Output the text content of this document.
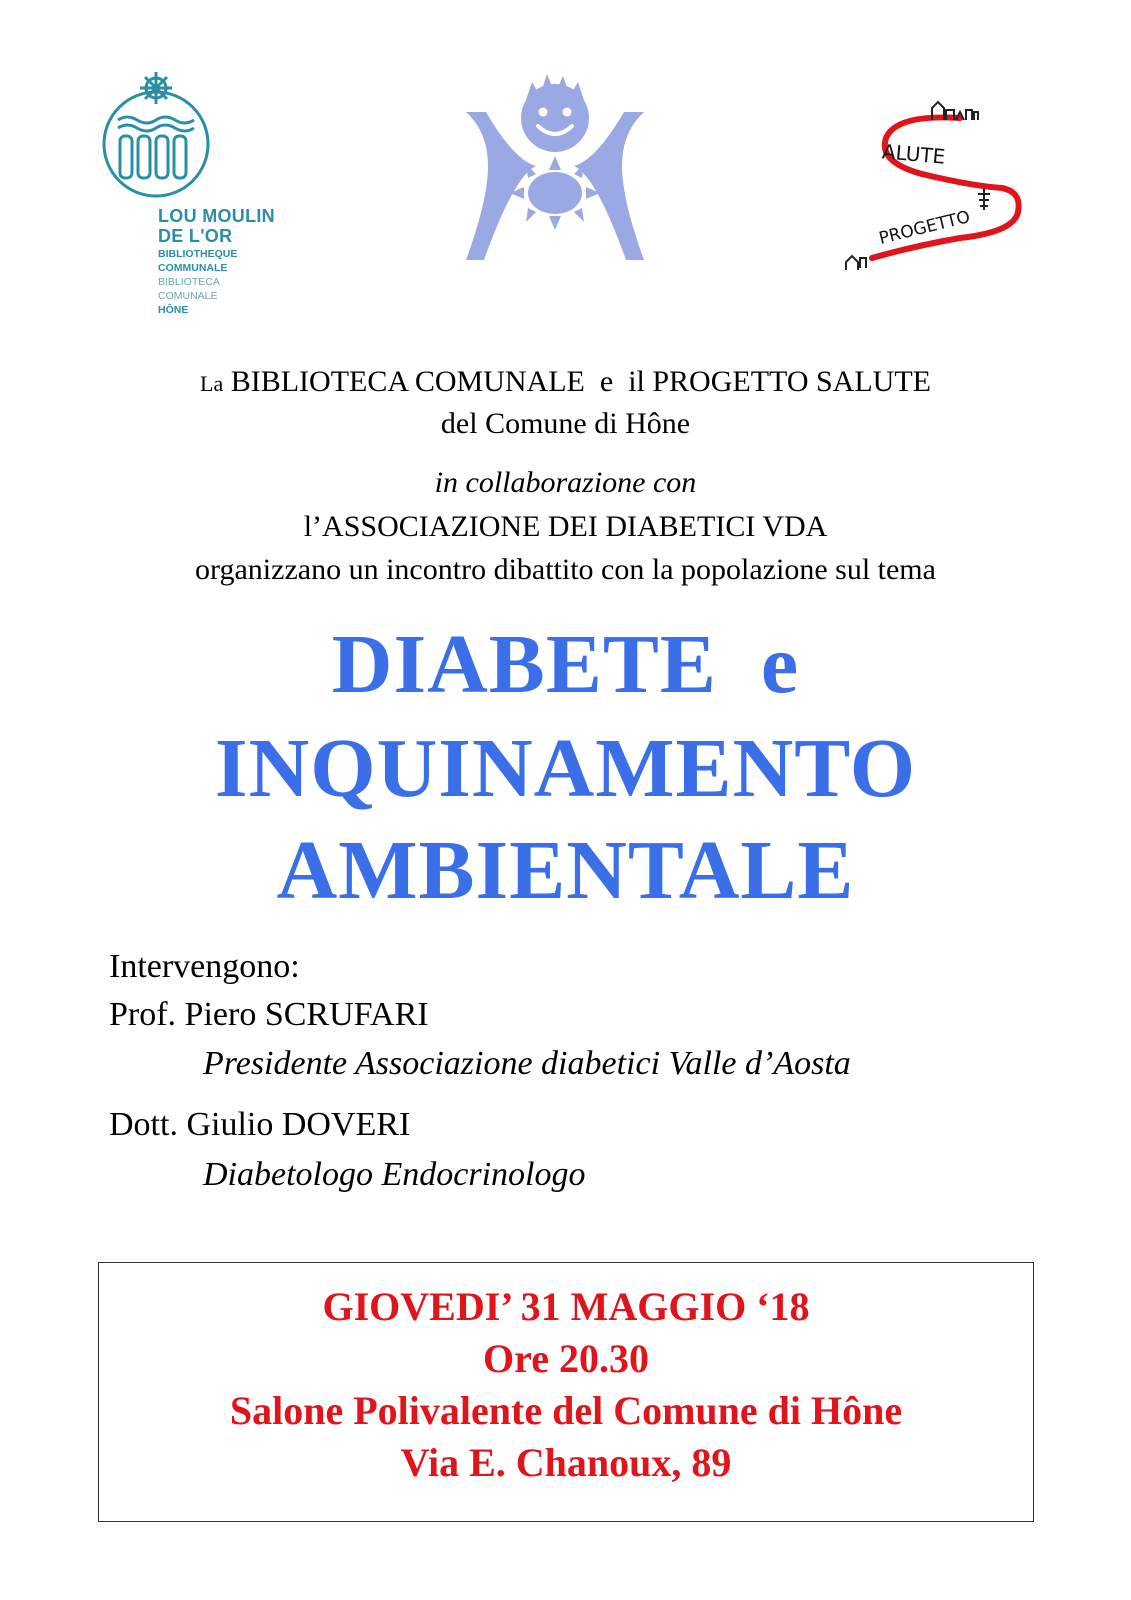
LOU MOULIN
DE L'OR
BIBLIOTHEQUE
COMMUNALE
BIBLIOTECA
COMUNALE
HÔNE
ALUTE
PROGETTO
La BIBLIOTECA COMUNALE  e  il PROGETTO SALUTE
del Comune di Hône
in collaborazione con
l’ASSOCIAZIONE DEI DIABETICI VDA
organizzano un incontro dibattito con la popolazione sul tema
DIABETE  e
INQUINAMENTO
AMBIENTALE
Intervengono:
Prof. Piero SCRUFARI
Presidente Associazione diabetici Valle d’Aosta
Dott. Giulio DOVERI
Diabetologo Endocrinologo
GIOVEDI’ 31 MAGGIO ‘18
Ore 20.30
Salone Polivalente del Comune di Hône
Via E. Chanoux, 89
